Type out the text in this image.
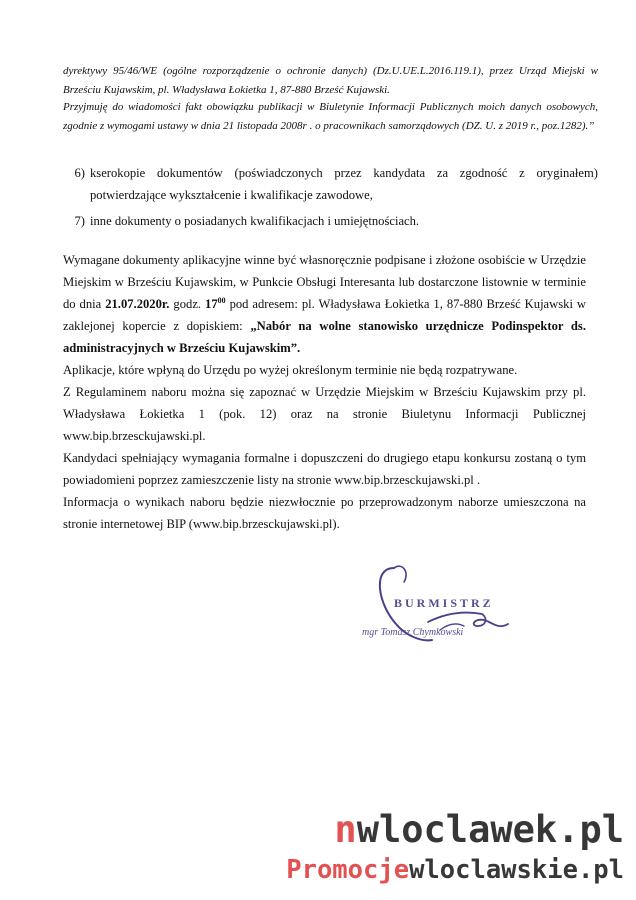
dyrektywy 95/46/WE (ogólne rozporządzenie o ochronie danych) (Dz.U.UE.L.2016.119.1), przez Urząd Miejski w Brześciu Kujawskim, pl. Władysława Łokietka 1, 87-880 Brześć Kujawski.

Przyjmuję do wiadomości fakt obowiązku publikacji w Biuletynie Informacji Publicznych moich danych osobowych, zgodnie z wymogami ustawy w dnia 21 listopada 2008r . o pracownikach samorządowych (DZ. U. z 2019 r., poz.1282).”

6) kserokopie dokumentów (poświadczonych przez kandydata za zgodność z oryginałem) potwierdzające wykształcenie i kwalifikacje zawodowe,
7) inne dokumenty o posiadanych kwalifikacjach i umiejętnościach.

Wymagane dokumenty aplikacyjne winne być własnoręcznie podpisane i złożone osobiście w Urzędzie Miejskim w Brześciu Kujawskim, w Punkcie Obsługi Interesanta lub dostarczone listownie w terminie do dnia 21.07.2020r. godz. $17^{00}$ pod adresem: pl. Władysława Łokietka 1, 87-880 Brześć Kujawski w zaklejonej kopercie z dopiskiem: „Nabór na wolne stanowisko urzędnicze Podinspektor ds. administracyjnych w Brześciu Kujawskim”.

Aplikacje, które wpłyną do Urzędu po wyżej określonym terminie nie będą rozpatrywane.

Z Regulaminem naboru można się zapoznać w Urzędzie Miejskim w Brześciu Kujawskim przy pl. Władysława Łokietka 1 (pok. 12) oraz na stronie Biuletynu Informacji Publicznej www.bip.brzesckujawski.pl.

Kandydaci spełniający wymagania formalne i dopuszczeni do drugiego etapu konkursu zostaną o tym powiadomieni poprzez zamieszczenie listy na stronie www.bip.brzesckujawski.pl .

Informacja o wynikach naboru będzie niezwłocznie po przeprowadzonym naborze umieszczona na stronie internetowej BIP (www.bip.brzesckujawski.pl).

BURMISTRZ
mgr Tomasz Chymkowski
nwloclawek.pl
Promocjewloclawskie.pl
